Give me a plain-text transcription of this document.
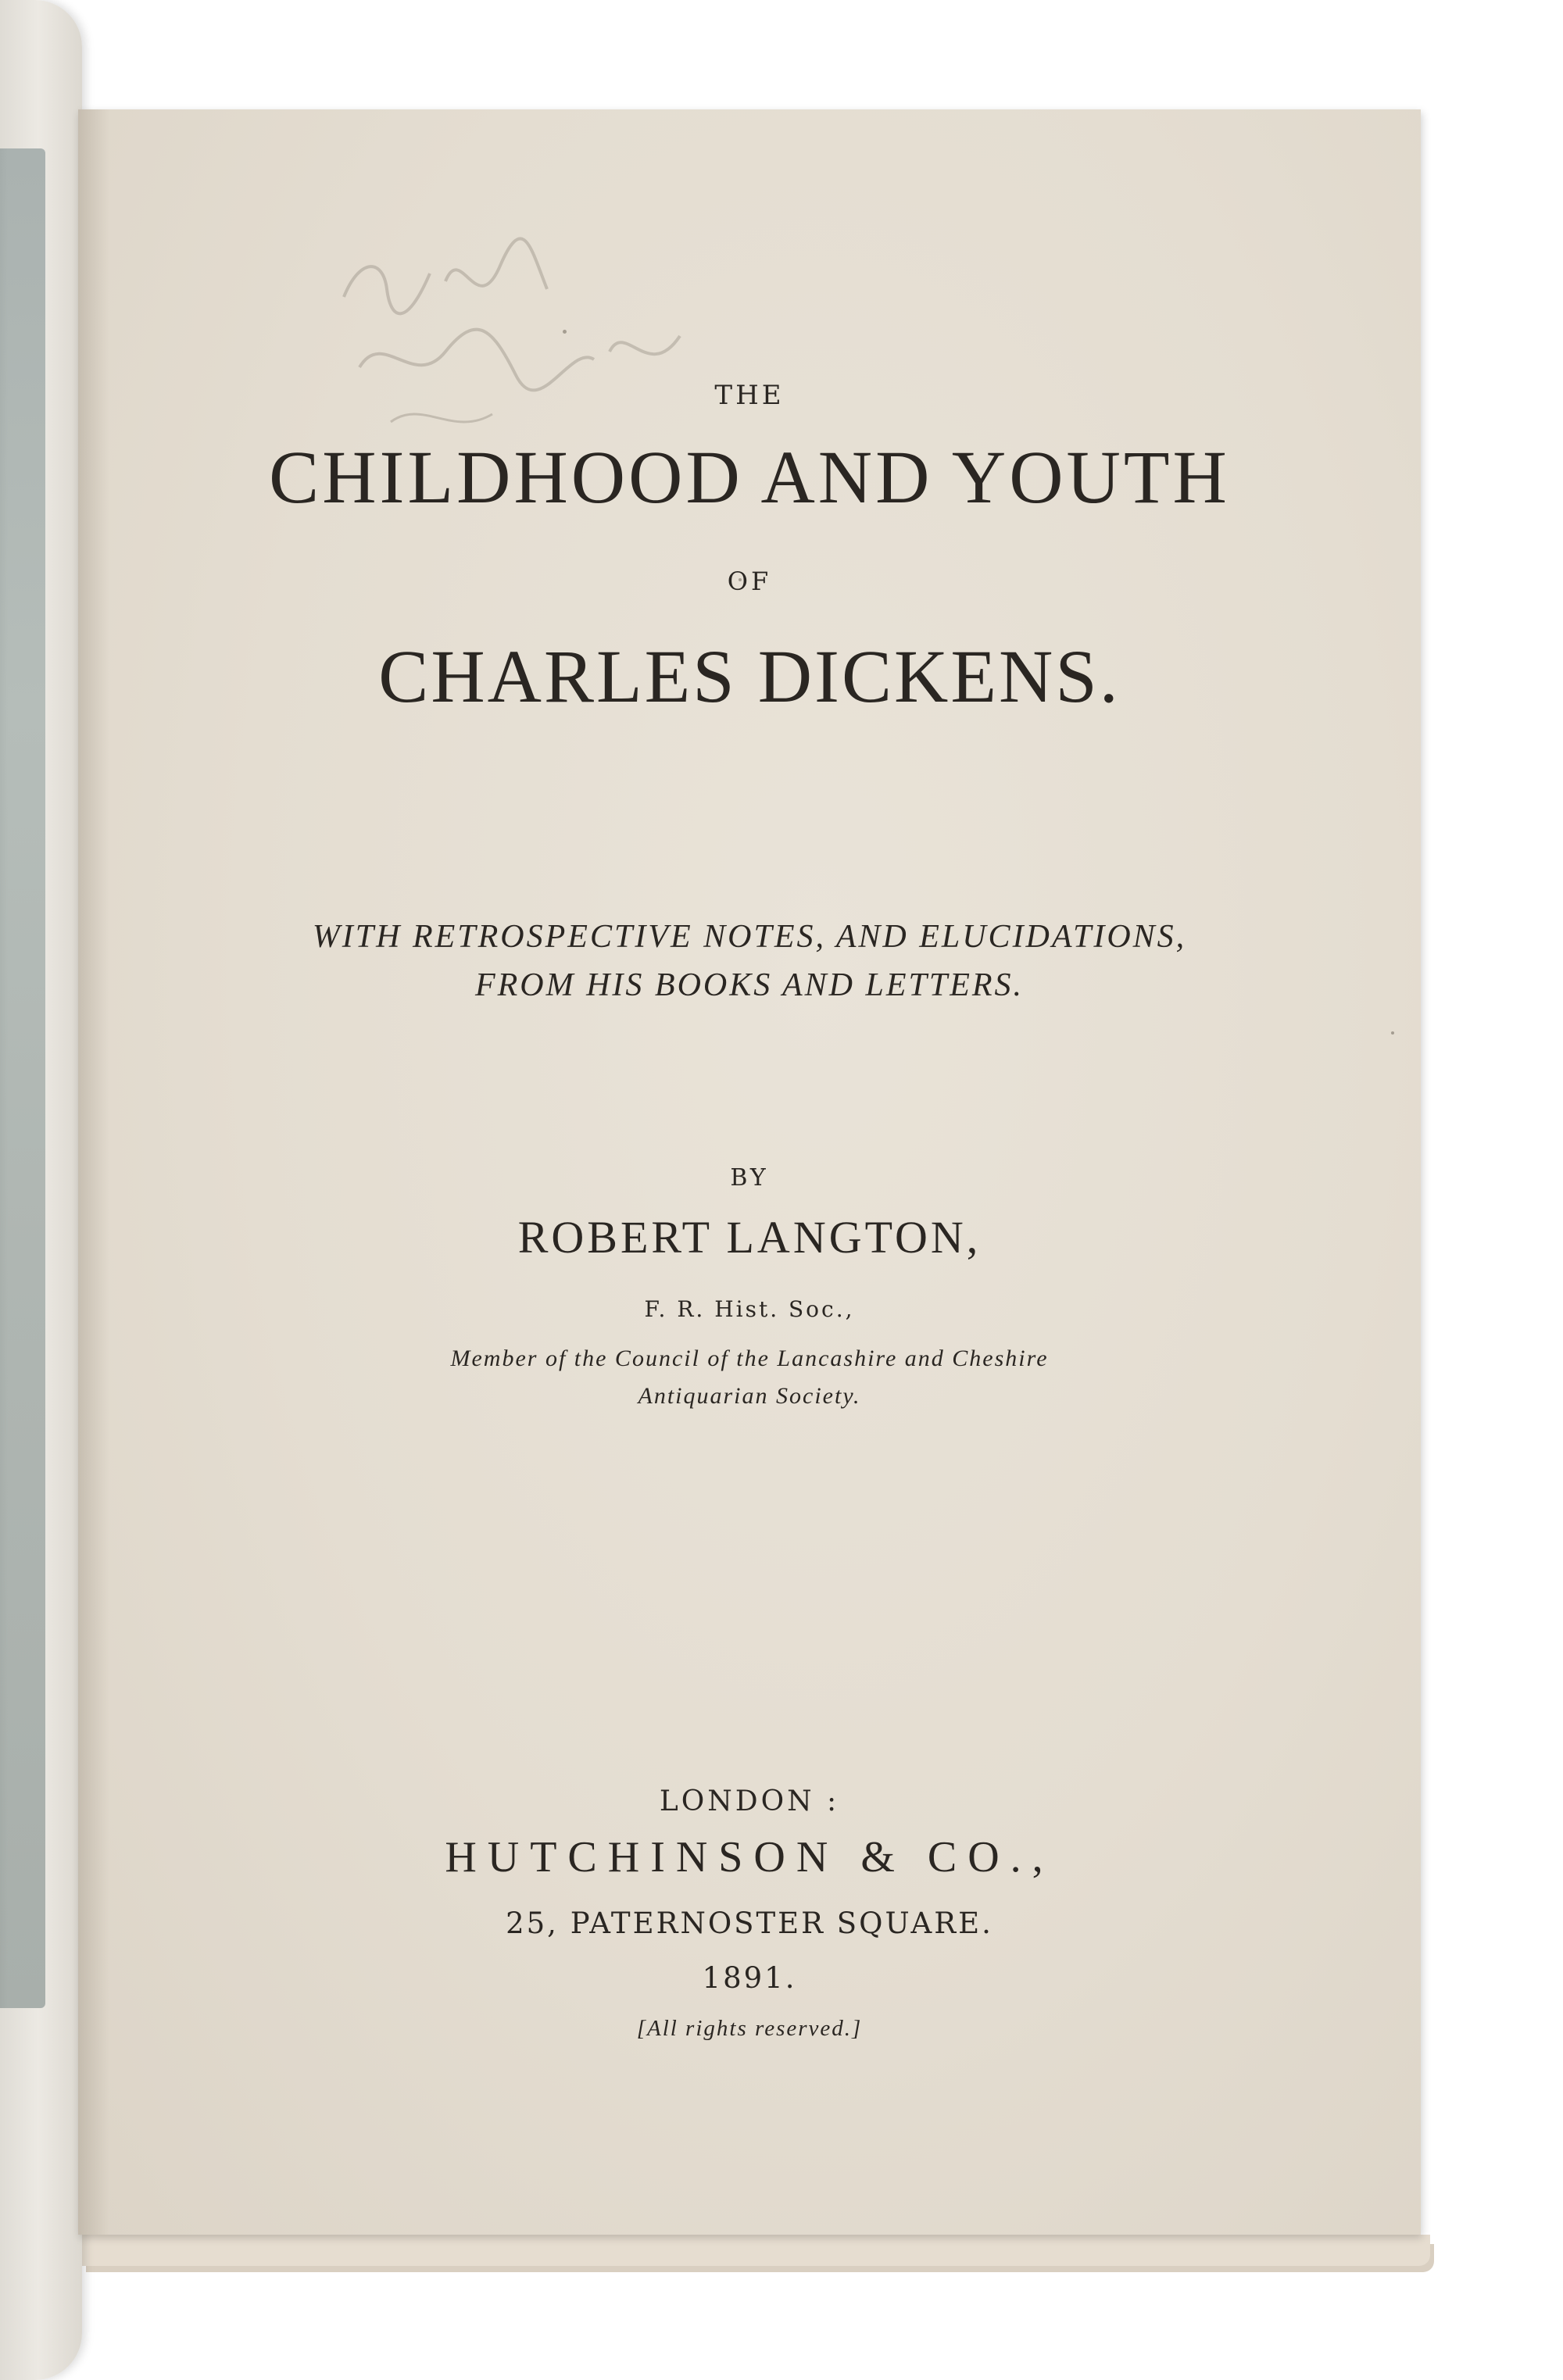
THE
CHILDHOOD AND YOUTH
OF
CHARLES DICKENS.
WITH RETROSPECTIVE NOTES, AND ELUCIDATIONS,
FROM HIS BOOKS AND LETTERS.
BY
ROBERT LANGTON,
F. R. Hist. Soc.,
Member of the Council of the Lancashire and Cheshire
Antiquarian Society.
LONDON :
HUTCHINSON & CO.,
25, PATERNOSTER SQUARE.
1891.
[All rights reserved.]
